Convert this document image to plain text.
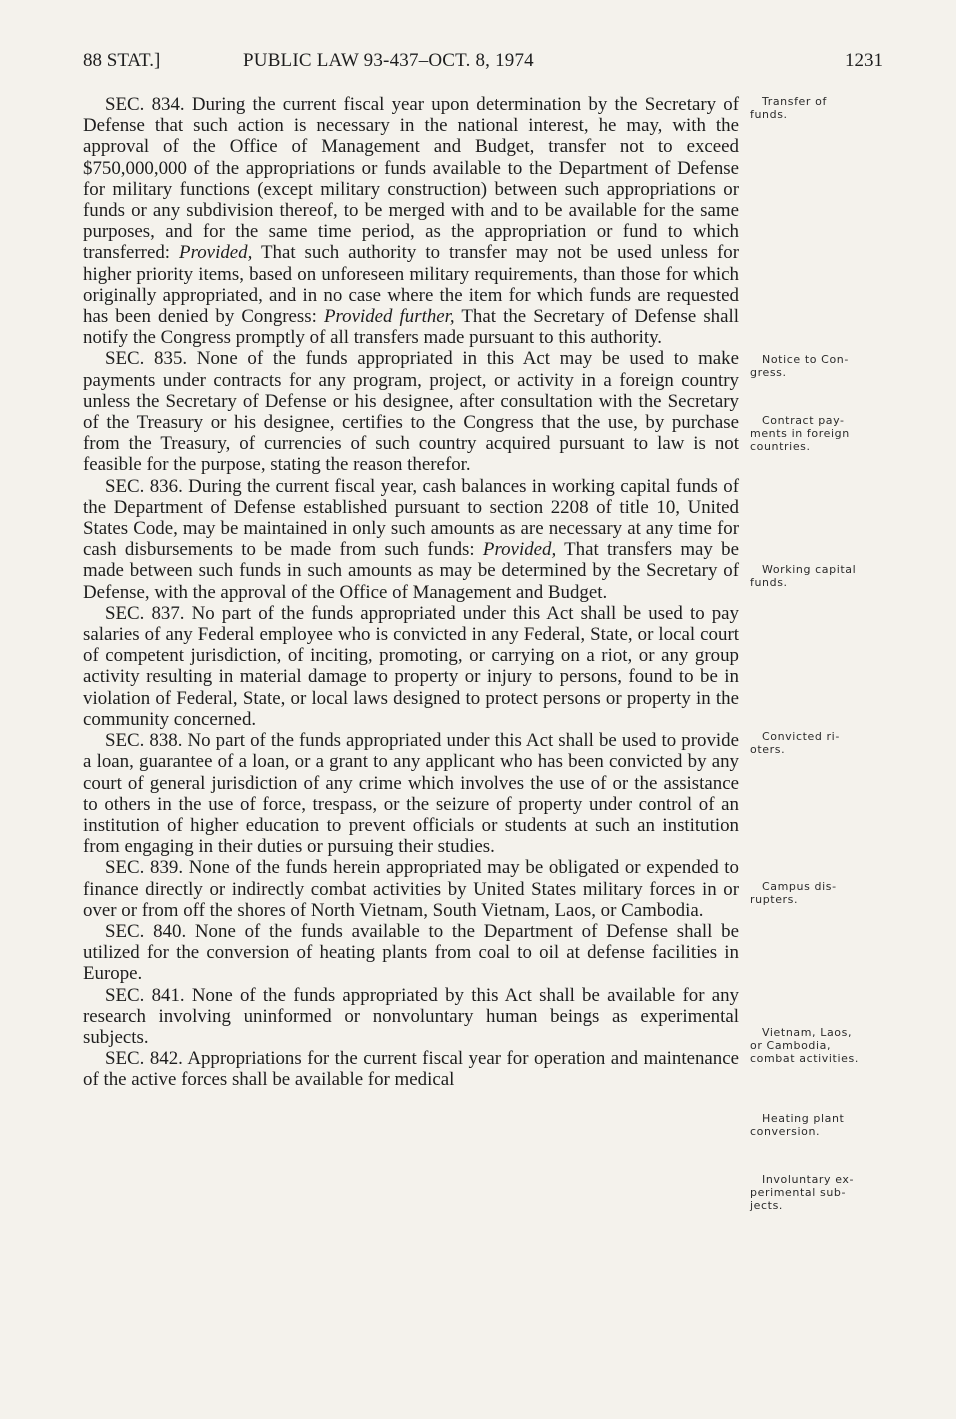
88 STAT.]	PUBLIC LAW 93-437–OCT. 8, 1974	1231

SEC. 834. During the current fiscal year upon determination by the Secretary of Defense that such action is necessary in the national interest, he may, with the approval of the Office of Management and Budget, transfer not to exceed $750,000,000 of the appropriations or funds available to the Department of Defense for military functions (except military construction) between such appropriations or funds or any subdivision thereof, to be merged with and to be available for the same purposes, and for the same time period, as the appropriation or fund to which transferred: Provided, That such authority to transfer may not be used unless for higher priority items, based on unforeseen military requirements, than those for which originally appropriated, and in no case where the item for which funds are requested has been denied by Congress: Provided further, That the Secretary of Defense shall notify the Congress promptly of all transfers made pursuant to this authority.

SEC. 835. None of the funds appropriated in this Act may be used to make payments under contracts for any program, project, or activity in a foreign country unless the Secretary of Defense or his designee, after consultation with the Secretary of the Treasury or his designee, certifies to the Congress that the use, by purchase from the Treasury, of currencies of such country acquired pursuant to law is not feasible for the purpose, stating the reason therefor.

SEC. 836. During the current fiscal year, cash balances in working capital funds of the Department of Defense established pursuant to section 2208 of title 10, United States Code, may be maintained in only such amounts as are necessary at any time for cash disbursements to be made from such funds: Provided, That transfers may be made between such funds in such amounts as may be determined by the Secretary of Defense, with the approval of the Office of Management and Budget.

SEC. 837. No part of the funds appropriated under this Act shall be used to pay salaries of any Federal employee who is convicted in any Federal, State, or local court of competent jurisdiction, of inciting, promoting, or carrying on a riot, or any group activity resulting in material damage to property or injury to persons, found to be in violation of Federal, State, or local laws designed to protect persons or property in the community concerned.

SEC. 838. No part of the funds appropriated under this Act shall be used to provide a loan, guarantee of a loan, or a grant to any applicant who has been convicted by any court of general jurisdiction of any crime which involves the use of or the assistance to others in the use of force, trespass, or the seizure of property under control of an institution of higher education to prevent officials or students at such an institution from engaging in their duties or pursuing their studies.

SEC. 839. None of the funds herein appropriated may be obligated or expended to finance directly or indirectly combat activities by United States military forces in or over or from off the shores of North Vietnam, South Vietnam, Laos, or Cambodia.

SEC. 840. None of the funds available to the Department of Defense shall be utilized for the conversion of heating plants from coal to oil at defense facilities in Europe.

SEC. 841. None of the funds appropriated by this Act shall be available for any research involving uninformed or nonvoluntary human beings as experimental subjects.

SEC. 842. Appropriations for the current fiscal year for operation and maintenance of the active forces shall be available for medical

Transfer of
funds.
Notice to Con-
gress.
Contract pay-
ments in foreign
countries.
Working capital
funds.
Convicted ri-
oters.
Campus dis-
rupters.
Vietnam, Laos,
or Cambodia,
combat activities.
Heating plant
conversion.
Involuntary ex-
perimental sub-
jects.
